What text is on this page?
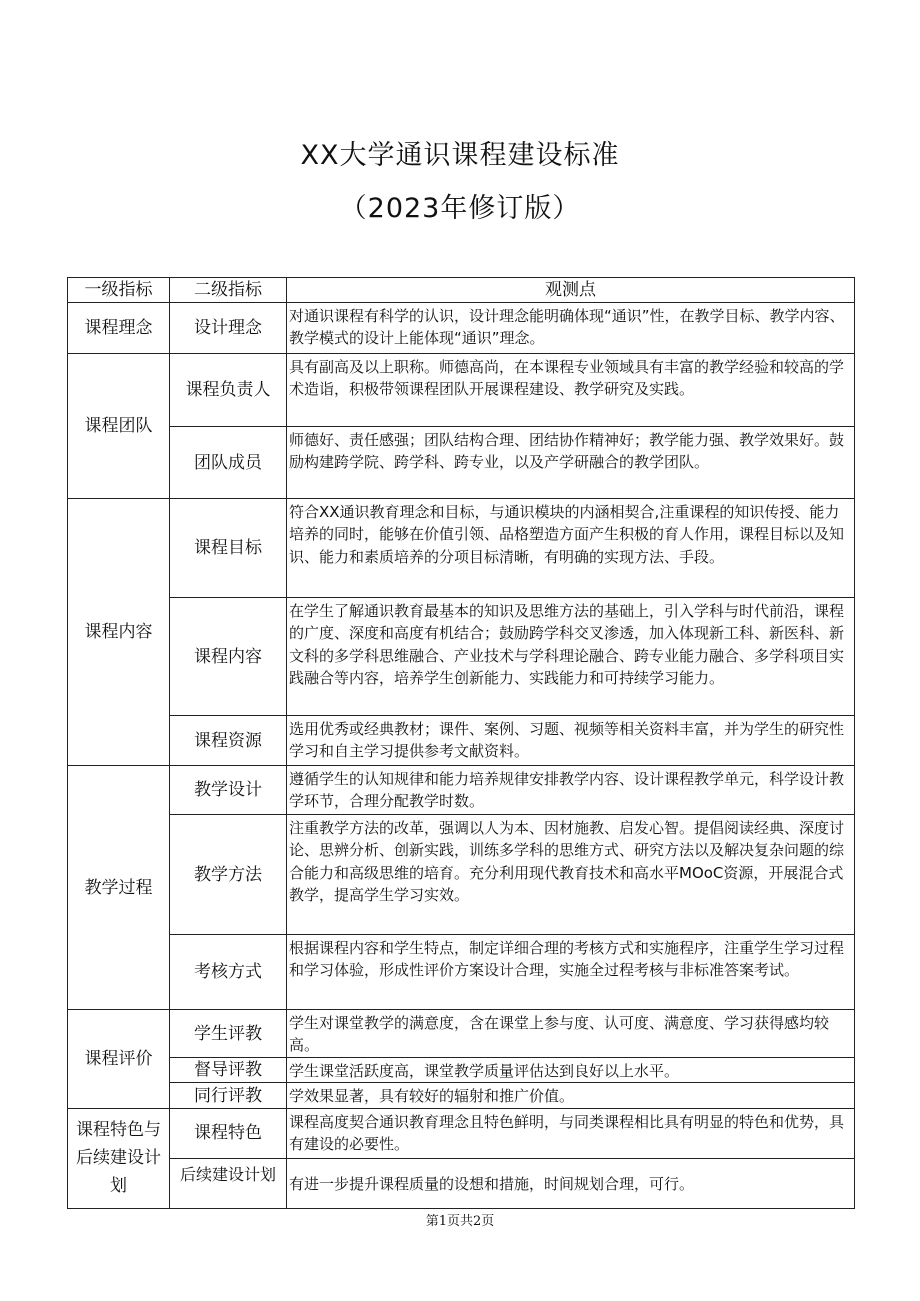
XX大学通识课程建设标准
（2023年修订版）
一级指标	二级指标	观测点
课程理念	设计理念	对通识课程有科学的认识，设计理念能明确体现“通识”性，在教学目标、教学内容、教学模式的设计上能体现“通识”理念。
课程团队	课程负责人	具有副高及以上职称。师德高尚，在本课程专业领域具有丰富的教学经验和较高的学术造诣，积极带领课程团队开展课程建设、教学研究及实践。
	团队成员	师德好、责任感强；团队结构合理、团结协作精神好；教学能力强、教学效果好。鼓励构建跨学院、跨学科、跨专业，以及产学研融合的教学团队。
课程内容	课程目标	符合XX通识教育理念和目标，与通识模块的内涵相契合,注重课程的知识传授、能力培养的同时，能够在价值引领、品格塑造方面产生积极的育人作用，课程目标以及知识、能力和素质培养的分项目标清晰，有明确的实现方法、手段。
	课程内容	在学生了解通识教育最基本的知识及思维方法的基础上，引入学科与时代前沿，课程的广度、深度和高度有机结合；鼓励跨学科交叉渗透，加入体现新工科、新医科、新文科的多学科思维融合、产业技术与学科理论融合、跨专业能力融合、多学科项目实践融合等内容，培养学生创新能力、实践能力和可持续学习能力。
	课程资源	选用优秀或经典教材；课件、案例、习题、视频等相关资料丰富，并为学生的研究性学习和自主学习提供参考文献资料。
教学过程	教学设计	遵循学生的认知规律和能力培养规律安排教学内容、设计课程教学单元，科学设计教学环节，合理分配教学时数。
	教学方法	注重教学方法的改革，强调以人为本、因材施教、启发心智。提倡阅读经典、深度讨论、思辨分析、创新实践，训练多学科的思维方式、研究方法以及解决复杂问题的综合能力和高级思维的培育。充分利用现代教育技术和高水平MOoC资源，开展混合式教学，提高学生学习实效。
	考核方式	根据课程内容和学生特点，制定详细合理的考核方式和实施程序，注重学生学习过程和学习体验，形成性评价方案设计合理，实施全过程考核与非标准答案考试。
课程评价	学生评教	学生对课堂教学的满意度，含在课堂上参与度、认可度、满意度、学习获得感均较高。
	督导评教	学生课堂活跃度高，课堂教学质量评估达到良好以上水平。
	同行评教	学效果显著，具有较好的辐射和推广价值。
课程特色与后续建设计划	课程特色	课程高度契合通识教育理念且特色鲜明，与同类课程相比具有明显的特色和优势，具有建设的必要性。
	后续建设计划	有进一步提升课程质量的设想和措施，时间规划合理，可行。
第1页共2页
